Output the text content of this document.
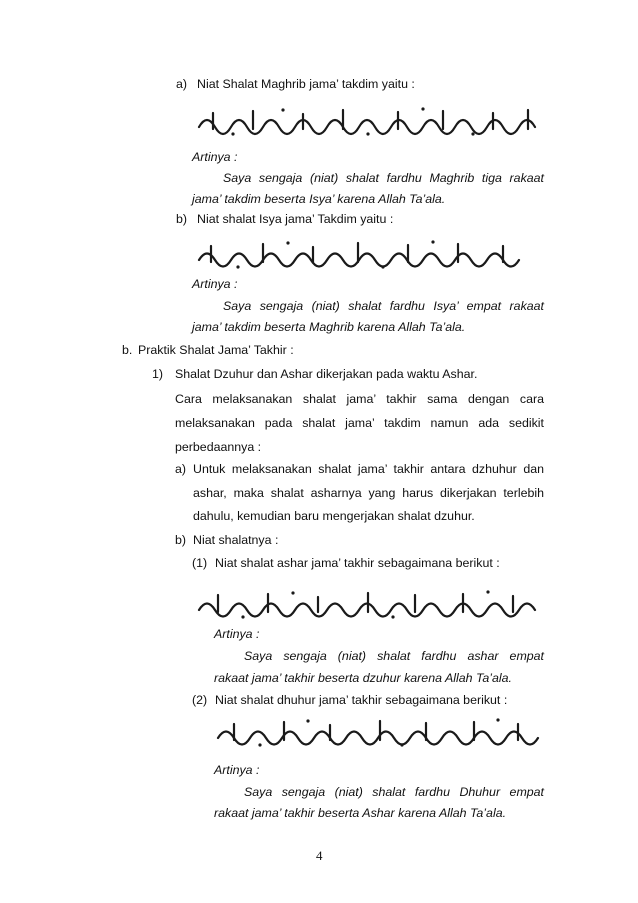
a) Niat Shalat Maghrib jama’ takdim yaitu :
Artinya :
Saya sengaja (niat) shalat fardhu Maghrib tiga rakaat
jama’ takdim beserta Isya’ karena Allah Ta’ala.
b) Niat shalat Isya jama’ Takdim yaitu :
Artinya :
Saya sengaja (niat) shalat fardhu Isya’ empat rakaat
jama’ takdim beserta Maghrib karena Allah Ta’ala.
b. Praktik Shalat Jama’ Takhir :
1) Shalat Dzuhur dan Ashar dikerjakan pada waktu Ashar.
Cara melaksanakan shalat jama’ takhir sama dengan cara
melaksanakan pada shalat jama’ takdim namun ada sedikit
perbedaannya :
a) Untuk melaksanakan shalat jama’ takhir antara dzhuhur dan
ashar, maka shalat asharnya yang harus dikerjakan terlebih
dahulu, kemudian baru mengerjakan shalat dzuhur.
b) Niat shalatnya :
(1) Niat shalat ashar jama’ takhir sebagaimana berikut :
Artinya :
Saya sengaja (niat) shalat fardhu ashar empat
rakaat jama’ takhir beserta dzuhur karena Allah Ta’ala.
(2) Niat shalat dhuhur jama’ takhir sebagaimana berikut :
Artinya :
Saya sengaja (niat) shalat fardhu Dhuhur empat
rakaat jama’ takhir beserta Ashar karena Allah Ta’ala.
4
